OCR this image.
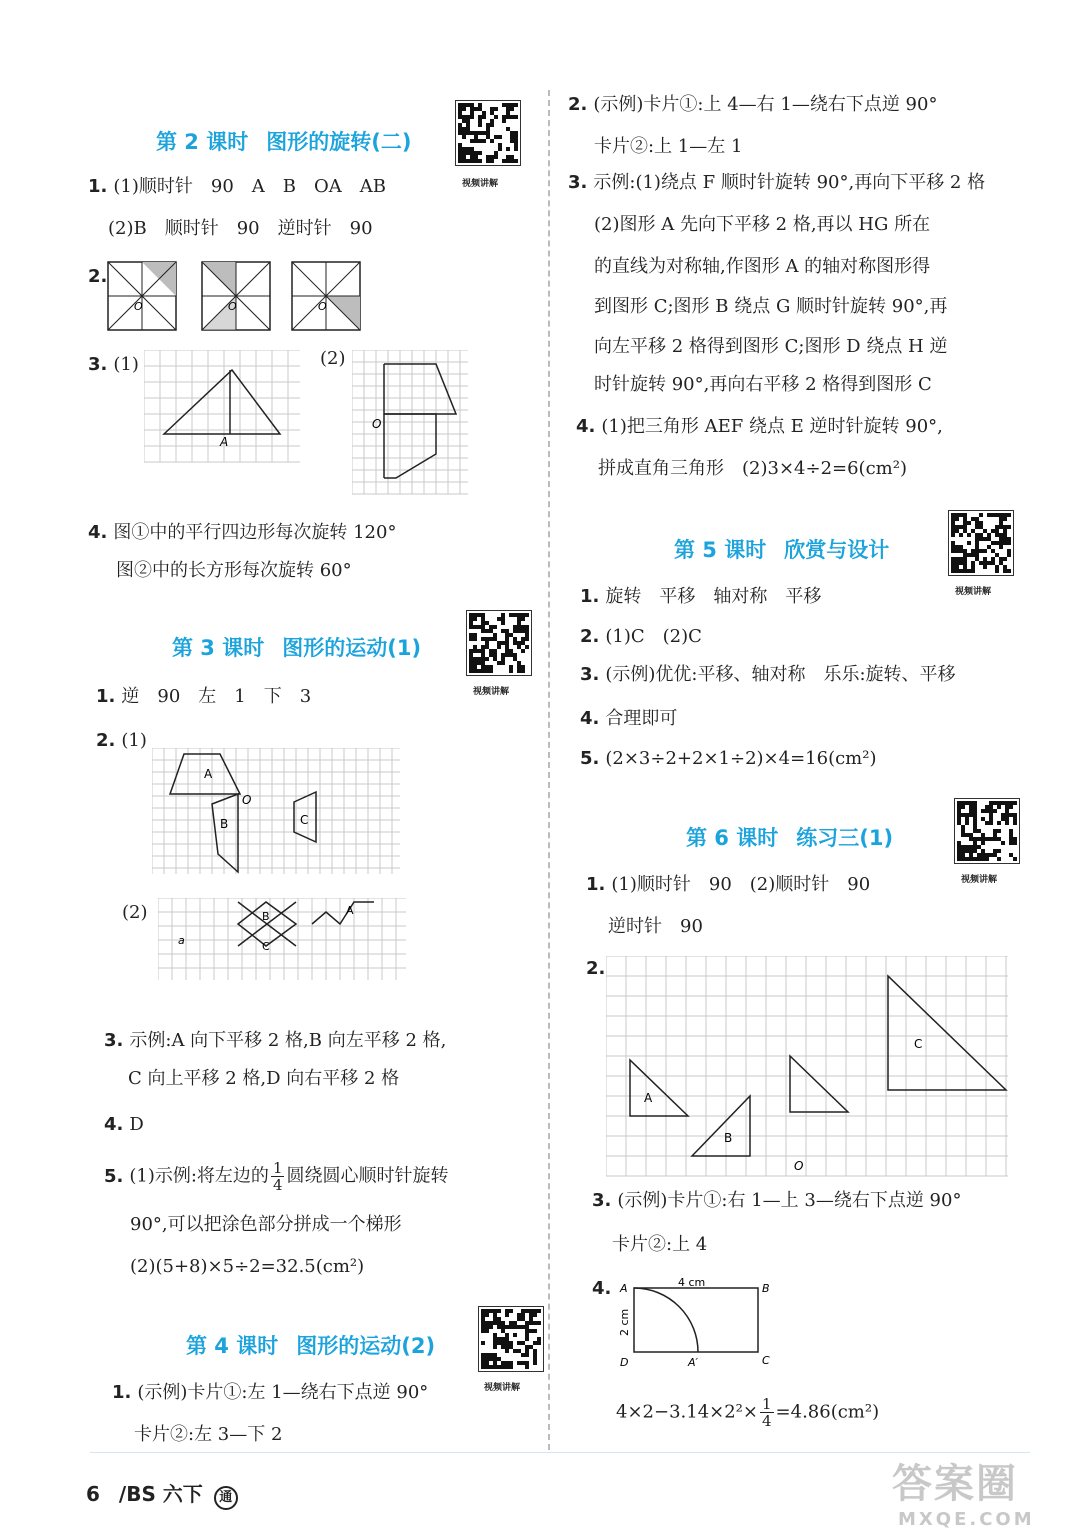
第 2 课时 图形的旋转(二)
视频讲解
1. (1)顺时针　90　A　B　OA　AB
(2)B　顺时针　90　逆时针　90
2.
O	O	O
3. (1)
A
(2)
O
4. 图①中的平行四边形每次旋转 120°
图②中的长方形每次旋转 60°
第 3 课时 图形的运动(1)
视频讲解
1. 逆　90　左　1　下　3
2. (1)
A
B	C
O
(2)	B
C
A
a
3. 示例:A 向下平移 2 格,B 向左平移 2 格,
C 向上平移 2 格,D 向右平移 2 格
4. D
5. (1)示例:将左边的 $\frac{1}{4}$ 圆绕圆心顺时针旋转
90°,可以把涂色部分拼成一个梯形
(2)(5+8)×5÷2=32.5(cm²)
第 4 课时 图形的运动(2)
视频讲解
1. (示例)卡片①:左 1—绕右下点逆 90°
卡片②:左 3—下 2
2. (示例)卡片①:上 4—右 1—绕右下点逆 90°
卡片②:上 1—左 1
3. 示例:(1)绕点 F 顺时针旋转 90°,再向下平移 2 格
(2)图形 A 先向下平移 2 格,再以 HG 所在
的直线为对称轴,作图形 A 的轴对称图形得
到图形 C;图形 B 绕点 G 顺时针旋转 90°,再
向左平移 2 格得到图形 C;图形 D 绕点 H 逆
时针旋转 90°,再向右平移 2 格得到图形 C
4. (1)把三角形 AEF 绕点 E 逆时针旋转 90°,
拼成直角三角形　(2)3×4÷2=6(cm²)
第 5 课时 欣赏与设计
视频讲解
1. 旋转　平移　轴对称　平移
2. (1)C　(2)C
3. (示例)优优:平移、轴对称　乐乐:旋转、平移
4. 合理即可
5. (2×3÷2+2×1÷2)×4=16(cm²)
第 6 课时 练习三(1)
视频讲解
1. (1)顺时针　90　(2)顺时针　90
逆时针　90
2.
A
B
C
O
3. (示例)卡片①:右 1—上 3—绕右下点逆 90°
卡片②:上 4
4. A	B
C
D	A′
4 cm
2 cm
$4\times 2-3.14\times 2^2\times \frac{1}{4} =4.86(cm^2)$
6 /BS 六下 通	答案圈
MXQE.COM
